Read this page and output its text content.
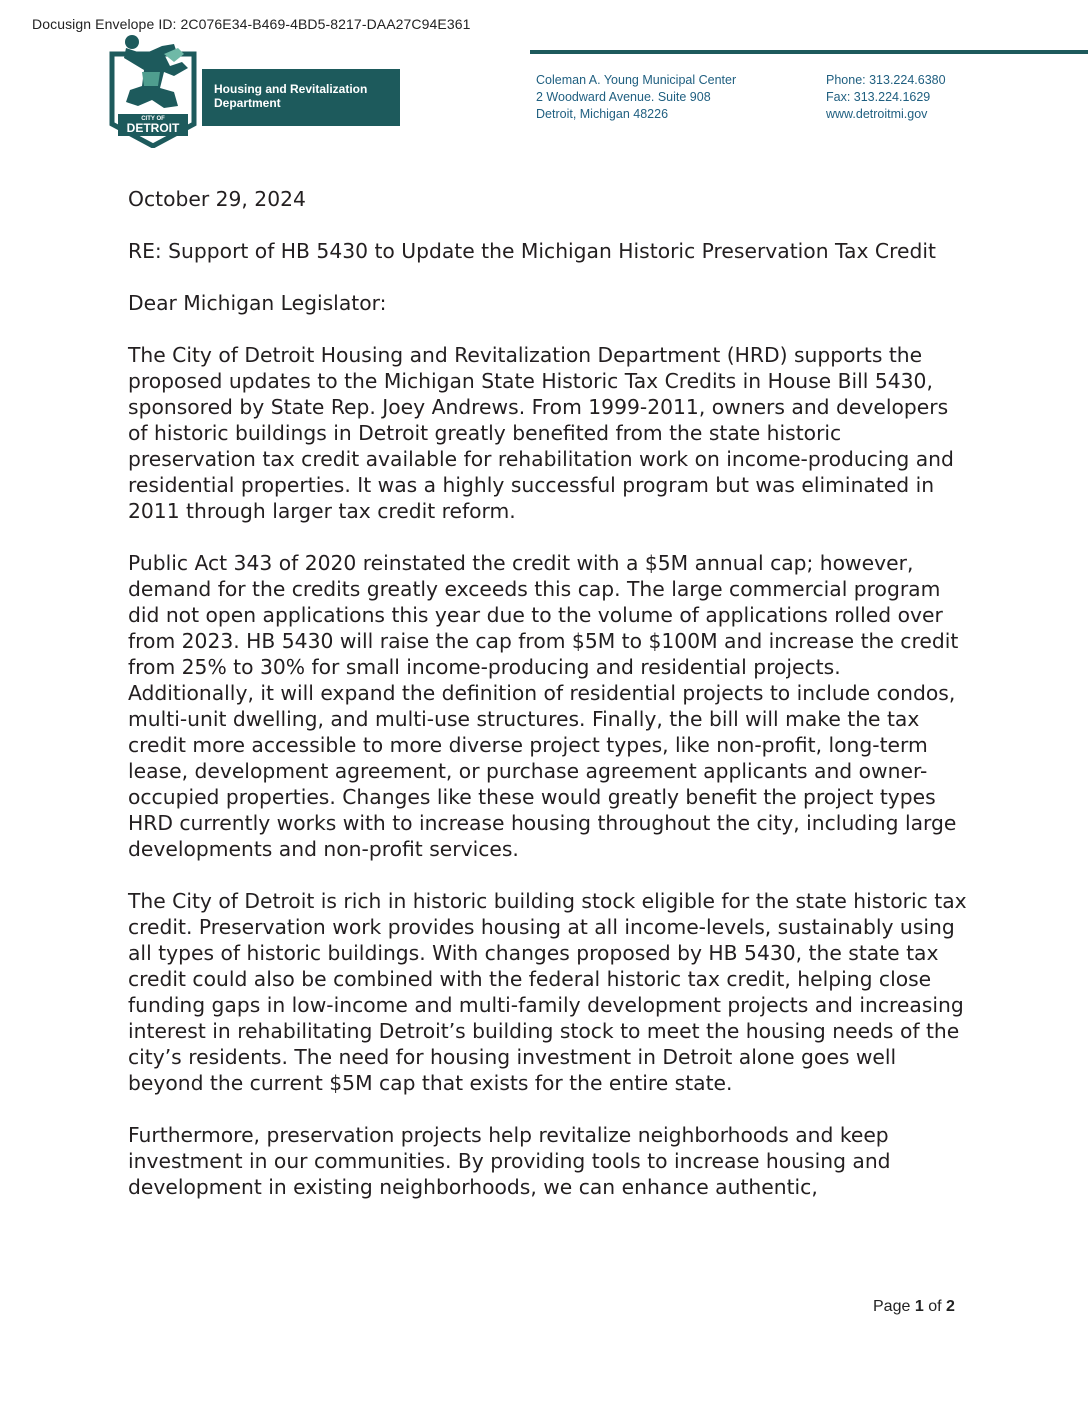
Docusign Envelope ID: 2C076E34-B469-4BD5-8217-DAA27C94E361
CITY OF
DETROIT
Housing and Revitalization
Department
Coleman A. Young Municipal Center
2 Woodward Avenue. Suite 908
Detroit, Michigan 48226
Phone: 313.224.6380
Fax: 313.224.1629
www.detroitmi.gov

October 29, 2024

RE: Support of HB 5430 to Update the Michigan Historic Preservation Tax Credit

Dear Michigan Legislator:

The City of Detroit Housing and Revitalization Department (HRD) supports the proposed updates to the Michigan State Historic Tax Credits in House Bill 5430, sponsored by State Rep. Joey Andrews. From 1999-2011, owners and developers of historic buildings in Detroit greatly benefited from the state historic preservation tax credit available for rehabilitation work on income-producing and residential properties. It was a highly successful program but was eliminated in 2011 through larger tax credit reform.

Public Act 343 of 2020 reinstated the credit with a $5M annual cap; however, demand for the credits greatly exceeds this cap. The large commercial program did not open applications this year due to the volume of applications rolled over from 2023. HB 5430 will raise the cap from $5M to $100M and increase the credit from 25% to 30% for small income-producing and residential projects. Additionally, it will expand the definition of residential projects to include condos, multi-unit dwelling, and multi-use structures. Finally, the bill will make the tax credit more accessible to more diverse project types, like non-profit, long-term lease, development agreement, or purchase agreement applicants and owner-occupied properties. Changes like these would greatly benefit the project types HRD currently works with to increase housing throughout the city, including large developments and non-profit services.

The City of Detroit is rich in historic building stock eligible for the state historic tax credit. Preservation work provides housing at all income-levels, sustainably using all types of historic buildings. With changes proposed by HB 5430, the state tax credit could also be combined with the federal historic tax credit, helping close funding gaps in low-income and multi-family development projects and increasing interest in rehabilitating Detroit’s building stock to meet the housing needs of the city’s residents. The need for housing investment in Detroit alone goes well beyond the current $5M cap that exists for the entire state.

Furthermore, preservation projects help revitalize neighborhoods and keep investment in our communities. By providing tools to increase housing and development in existing neighborhoods, we can enhance authentic,

Page 1 of 2
